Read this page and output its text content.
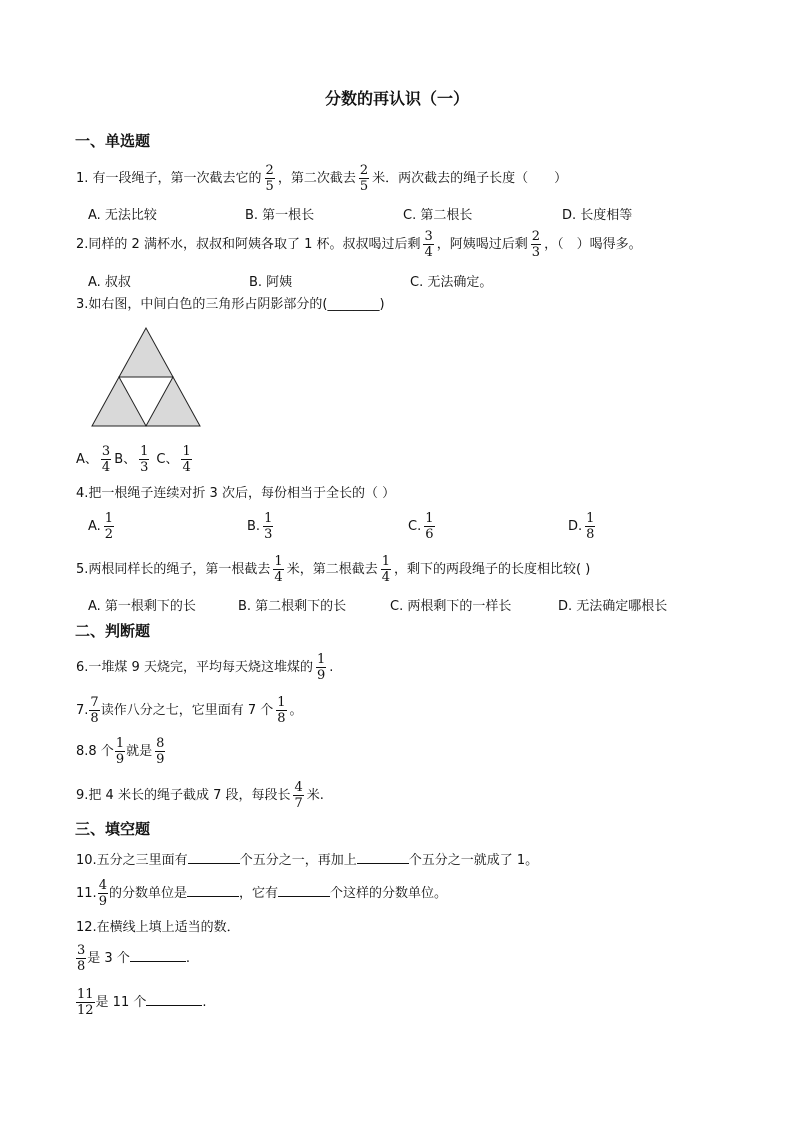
分数的再认识（一）
一、单选题
1. 有一段绳子，第一次截去它的 $\frac{2}{5}$ ，第二次截去 $\frac{2}{5}$ 米．两次截去的绳子长度（　　）
A. 无法比较	B. 第一根长	C. 第二根长	D. 长度相等
2.同样的 2 满杯水，叔叔和阿姨各取了 1 杯。叔叔喝过后剩 $\frac{3}{4}$ ，阿姨喝过后剩 $\frac{2}{3}$ ，（　）喝得多。
A. 叔叔	B. 阿姨	C. 无法确定。
3.如右图，中间白色的三角形占阴影部分的(________)
A、 $\frac{3}{4}$ B、 $\frac{1}{3}$ C、 $\frac{1}{4}$
4.把一根绳子连续对折 3 次后，每份相当于全长的（ ）
A. $\frac{1}{2}$	B. $\frac{1}{3}$	C. $\frac{1}{6}$	D. $\frac{1}{8}$
5.两根同样长的绳子，第一根截去 $\frac{1}{4}$ 米，第二根截去 $\frac{1}{4}$ ，剩下的两段绳子的长度相比较( )
A. 第一根剩下的长	B. 第二根剩下的长	C. 两根剩下的一样长	D. 无法确定哪根长
二、判断题
6.一堆煤 9 天烧完，平均每天烧这堆煤的 $\frac{1}{9}$ .
7. $\frac{7}{8}$ 读作八分之七，它里面有 7 个 $\frac{1}{8}$ 。
8.8 个 $\frac{1}{9}$ 就是 $\frac{8}{9}$
9.把 4 米长的绳子截成 7 段，每段长 $\frac{4}{7}$ 米.
三、填空题
10.五分之三里面有	个五分之一，再加上	个五分之一就成了 1。
11. $\frac{4}{9}$ 的分数单位是	，它有	个这样的分数单位。
12.在横线上填上适当的数．
$\frac{3}{8}$ 是 3 个	.
$\frac{11}{12}$ 是 11 个	.
